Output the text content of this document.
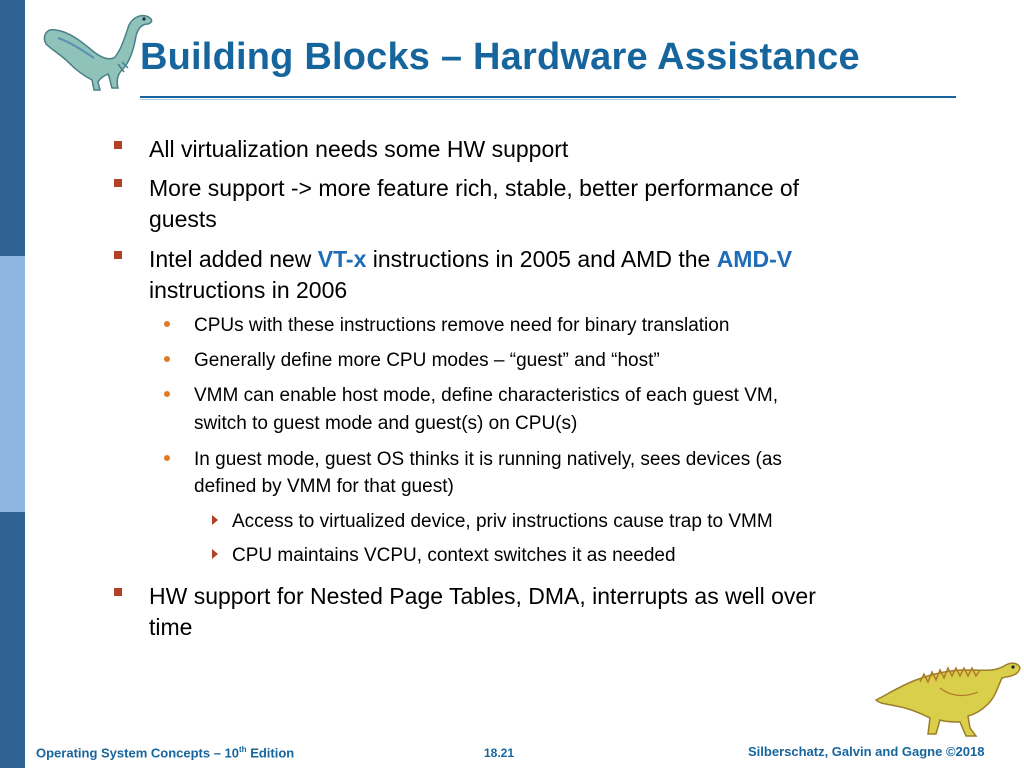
Building Blocks – Hardware Assistance
All virtualization needs some HW support
More support -> more feature rich, stable, better performance of
guests
Intel added new VT-x instructions in 2005 and AMD the AMD-V
instructions in 2006
CPUs with these instructions remove need for binary translation
Generally define more CPU modes – “guest” and “host”
VMM can enable host mode, define characteristics of each guest VM,
switch to guest mode and guest(s) on CPU(s)
In guest mode, guest OS thinks it is running natively, sees devices (as
defined by VMM for that guest)
Access to virtualized device, priv instructions cause trap to VMM
CPU maintains VCPU, context switches it as needed
HW support for Nested Page Tables, DMA, interrupts as well over
time
Operating System Concepts – 10th Edition	18.21	Silberschatz, Galvin and Gagne ©2018
